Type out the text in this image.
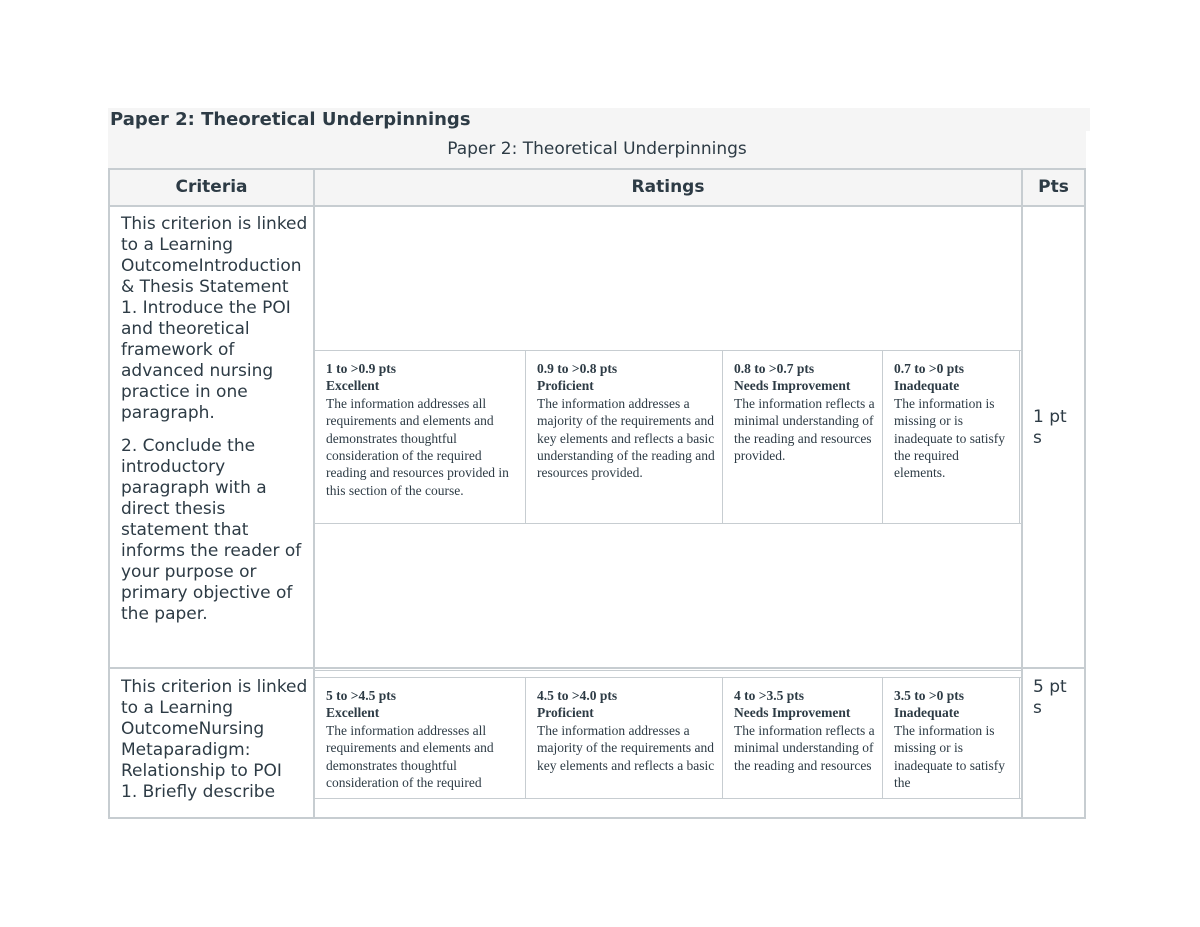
Paper 2: Theoretical Underpinnings
Paper 2: Theoretical Underpinnings
Criteria	Ratings	Pts
This criterion is linked to a Learning OutcomeIntroduction & Thesis Statement
1. Introduce the POI and theoretical framework of advanced nursing practice in one paragraph.
2. Conclude the introductory paragraph with a direct thesis statement that informs the reader of your purpose or primary objective of the paper.
1 to >0.9 pts
Excellent
The information addresses all requirements and elements and demonstrates thoughtful consideration of the required reading and resources provided in this section of the course.
0.9 to >0.8 pts
Proficient
The information addresses a majority of the requirements and key elements and reflects a basic understanding of the reading and resources provided.
0.8 to >0.7 pts
Needs Improvement
The information reflects a minimal understanding of the reading and resources provided.
0.7 to >0 pts
Inadequate
The information is missing or is inadequate to satisfy the required elements.
1 pts
This criterion is linked to a Learning OutcomeNursing Metaparadigm: Relationship to POI
1. Briefly describe
5 to >4.5 pts
Excellent
The information addresses all requirements and elements and demonstrates thoughtful consideration of the required
4.5 to >4.0 pts
Proficient
The information addresses a majority of the requirements and key elements and reflects a basic
4 to >3.5 pts
Needs Improvement
The information reflects a minimal understanding of the reading and resources
3.5 to >0 pts
Inadequate
The information is missing or is inadequate to satisfy the
5 pts
